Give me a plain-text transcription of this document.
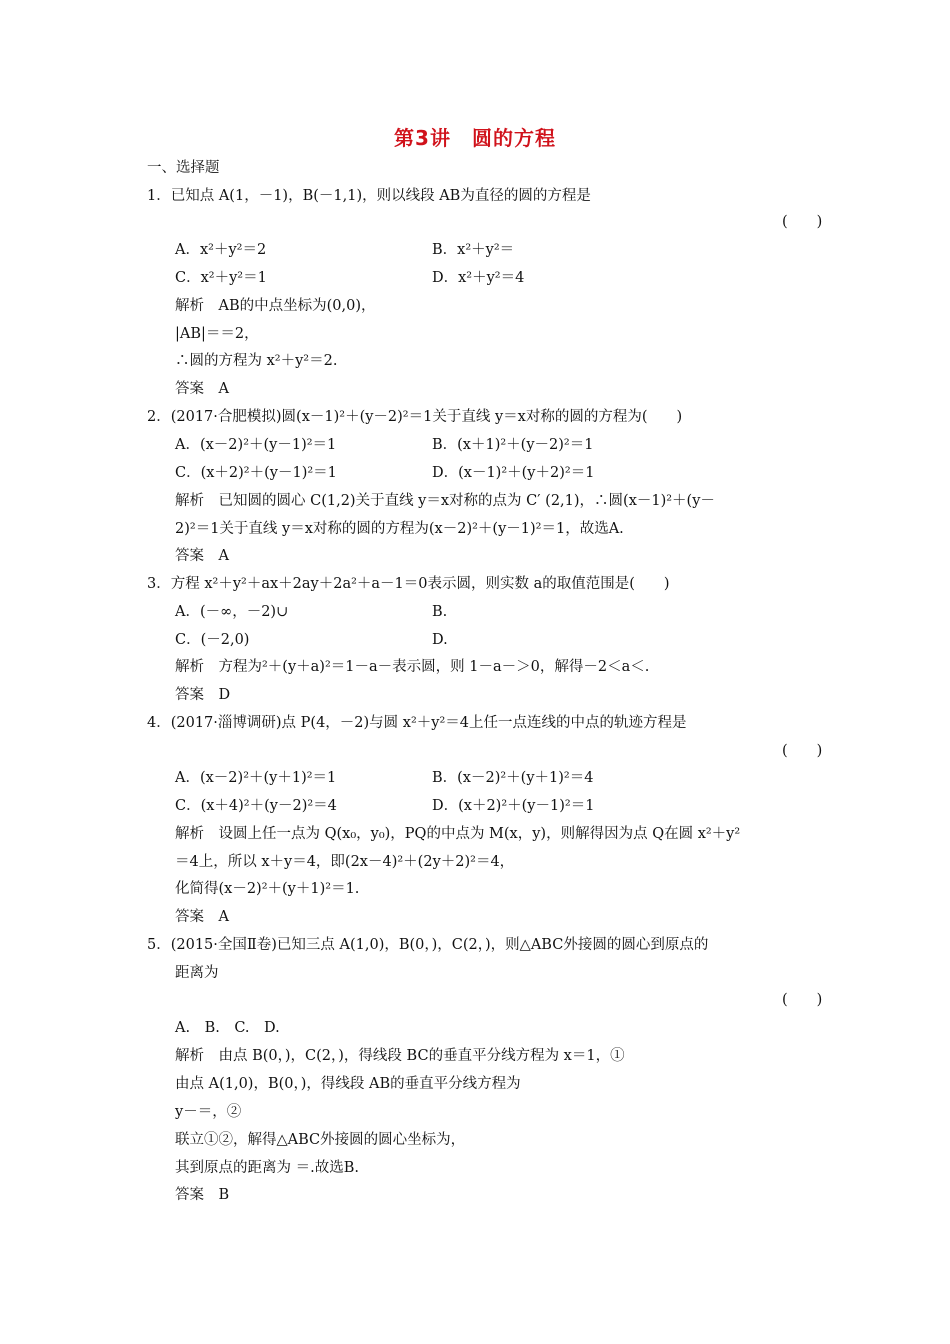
第3讲　圆的方程
一、选择题
1．已知点 A(1，－1)，B(－1,1)，则以线段 AB为直径的圆的方程是
(　　)
A．x²＋y²＝2	B．x²＋y²＝
C．x²＋y²＝1	D．x²＋y²＝4
解析　AB的中点坐标为(0,0)，
|AB|＝＝2，
∴圆的方程为 x²＋y²＝2.
答案　A
2．(2017·合肥模拟)圆(x－1)²＋(y－2)²＝1关于直线 y＝x对称的圆的方程为(　　)
A．(x－2)²＋(y－1)²＝1	B．(x＋1)²＋(y－2)²＝1
C．(x＋2)²＋(y－1)²＝1	D．(x－1)²＋(y＋2)²＝1
解析　已知圆的圆心 C(1,2)关于直线 y＝x对称的点为 C′ (2,1)，∴圆(x－1)²＋(y－
2)²＝1关于直线 y＝x对称的圆的方程为(x－2)²＋(y－1)²＝1，故选A.
答案　A
3．方程 x²＋y²＋ax＋2ay＋2a²＋a－1＝0表示圆，则实数 a的取值范围是(　　)
A．(－∞，－2)∪	B.
C．(－2,0)	D.
解析　方程为²＋(y＋a)²＝1－a－表示圆，则 1－a－＞0，解得－2＜a＜.
答案　D
4．(2017·淄博调研)点 P(4，－2)与圆 x²＋y²＝4上任一点连线的中点的轨迹方程是
(　　)
A．(x－2)²＋(y＋1)²＝1	B．(x－2)²＋(y＋1)²＝4
C．(x＋4)²＋(y－2)²＝4	D．(x＋2)²＋(y－1)²＝1
解析　设圆上任一点为 Q(x₀，y₀)，PQ的中点为 M(x，y)，则解得因为点 Q在圆 x²＋y²
＝4上，所以 x＋y＝4，即(2x－4)²＋(2y＋2)²＝4，
化简得(x－2)²＋(y＋1)²＝1.
答案　A
5．(2015·全国Ⅱ卷)已知三点 A(1,0)，B(0，)，C(2，)，则△ABC外接圆的圆心到原点的
距离为
(　　)
A.　B.　C.　D.
解析　由点 B(0，)，C(2，)，得线段 BC的垂直平分线方程为 x＝1，①
由点 A(1,0)，B(0，)，得线段 AB的垂直平分线方程为
y－＝，②
联立①②，解得△ABC外接圆的圆心坐标为，
其到原点的距离为 ＝.故选B.
答案　B
